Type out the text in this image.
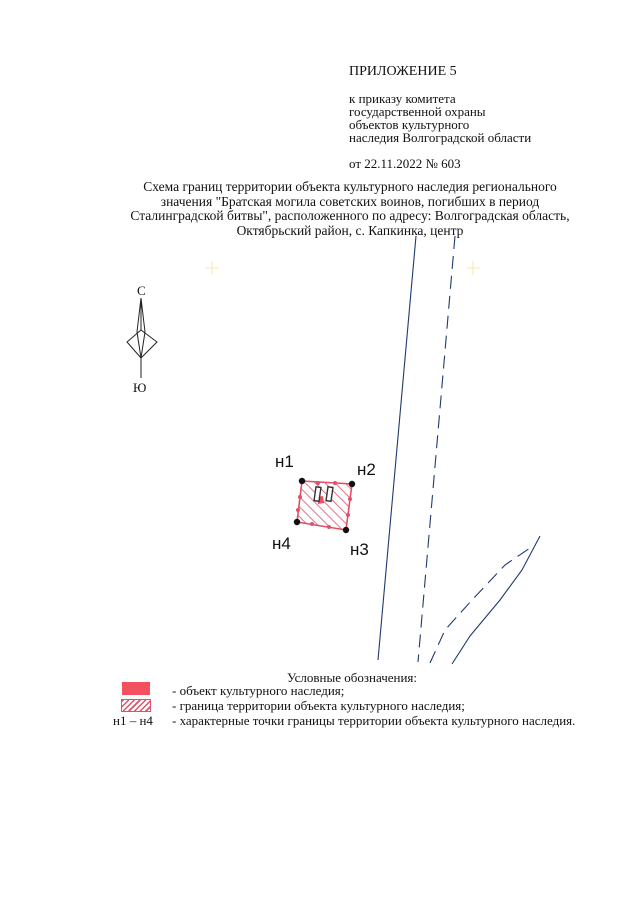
ПРИЛОЖЕНИЕ 5
к приказу комитета
государственной охраны
объектов культурного
наследия Волгоградской области
от 22.11.2022 № 603
Схема границ территории объекта культурного наследия регионального
значения "Братская могила советских воинов, погибших в период
Сталинградской битвы", расположенного по адресу: Волгоградская область,
Октябрьский район, с. Капкинка, центр
С
Ю
н1	н2
н3
н4
Условные обозначения:
н1 – н4
- объект культурного наследия;
- граница территории объекта культурного наследия;
- характерные точки границы территории объекта культурного наследия.
